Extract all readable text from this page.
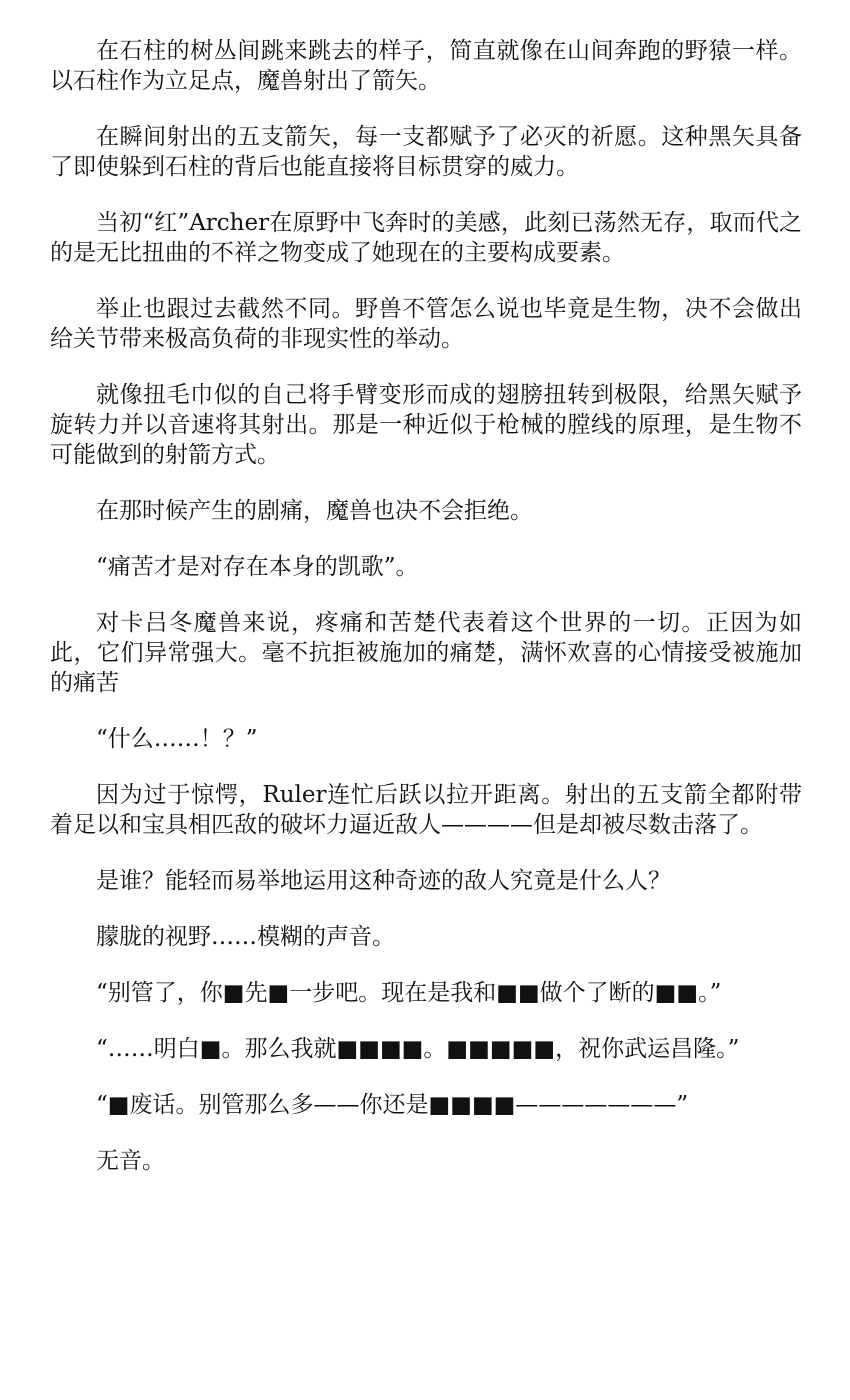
在石柱的树丛间跳来跳去的样子，简直就像在山间奔跑的野猿一样。以石柱作为立足点，魔兽射出了箭矢。

在瞬间射出的五支箭矢，每一支都赋予了必灭的祈愿。这种黑矢具备了即使躲到石柱的背后也能直接将目标贯穿的威力。

当初“红”Archer在原野中飞奔时的美感，此刻已荡然无存，取而代之的是无比扭曲的不祥之物变成了她现在的主要构成要素。

举止也跟过去截然不同。野兽不管怎么说也毕竟是生物，决不会做出给关节带来极高负荷的非现实性的举动。

就像扭毛巾似的自己将手臂变形而成的翅膀扭转到极限，给黑矢赋予旋转力并以音速将其射出。那是一种近似于枪械的膛线的原理，是生物不可能做到的射箭方式。

在那时候产生的剧痛，魔兽也决不会拒绝。

“痛苦才是对存在本身的凯歌”。

对卡吕冬魔兽来说，疼痛和苦楚代表着这个世界的一切。正因为如此，它们异常强大。毫不抗拒被施加的痛楚，满怀欢喜的心情接受被施加的痛苦

“什么……！？”

因为过于惊愕，Ruler连忙后跃以拉开距离。射出的五支箭全都附带着足以和宝具相匹敌的破坏力逼近敌人————但是却被尽数击落了。

是谁？能轻而易举地运用这种奇迹的敌人究竟是什么人？

朦胧的视野……模糊的声音。

“别管了，你■先■一步吧。现在是我和■■做个了断的■■。”

“……明白■。那么我就■■■■。■■■■■，祝你武运昌隆。”

“■废话。别管那么多——你还是■■■■———————”

无音。
